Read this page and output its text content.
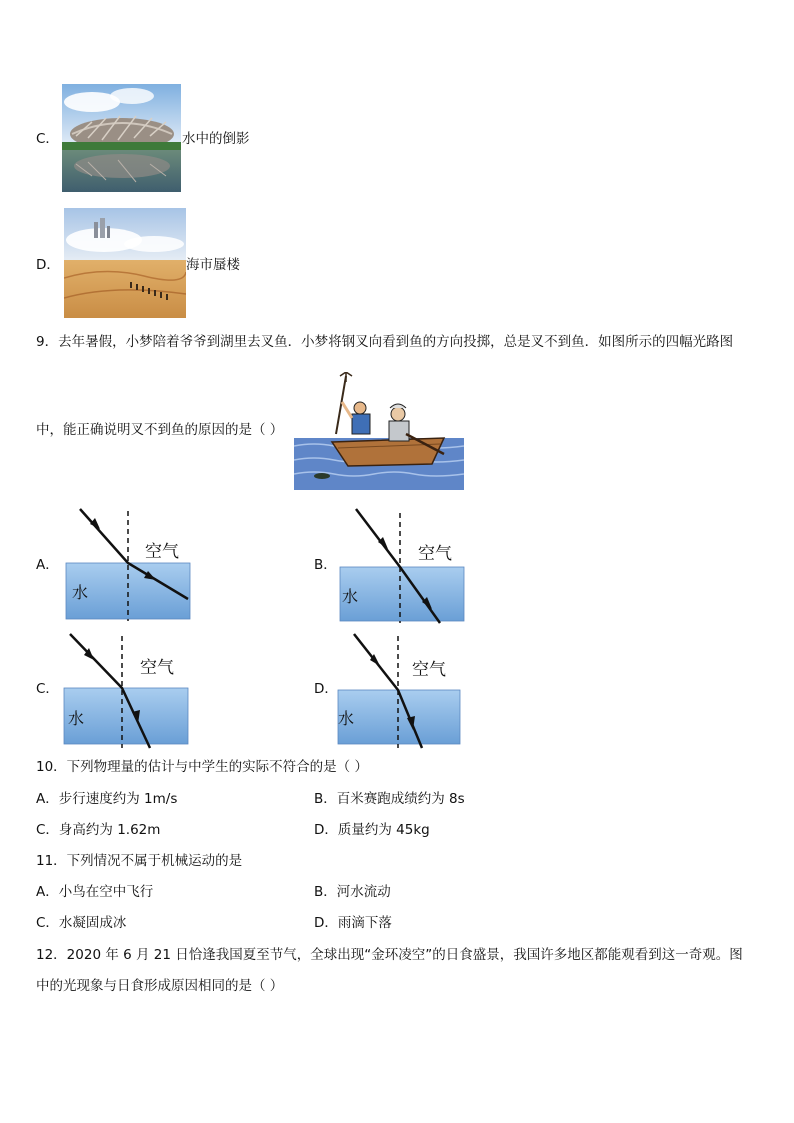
C．	水中的倒影
D．	海市蜃楼
9．去年暑假，小梦陪着爷爷到湖里去叉鱼．小梦将钢叉向看到鱼的方向投掷，总是叉不到鱼．如图所示的四幅光路图
中，能正确说明叉不到鱼的原因的是（ ）
A．
空气
水
B．
空气
水
C．
空气
水
D．
空气
水
10．下列物理量的估计与中学生的实际不符合的是（ ）
A．步行速度约为 1m/s	B．百米赛跑成绩约为 8s
C．身高约为 1.62m	D．质量约为 45kg
11．下列情况不属于机械运动的是
A．小鸟在空中飞行	B．河水流动
C．水凝固成冰	D．雨滴下落
12．2020 年 6 月 21 日恰逢我国夏至节气，全球出现“金环凌空”的日食盛景，我国许多地区都能观看到这一奇观。图
中的光现象与日食形成原因相同的是（ ）
